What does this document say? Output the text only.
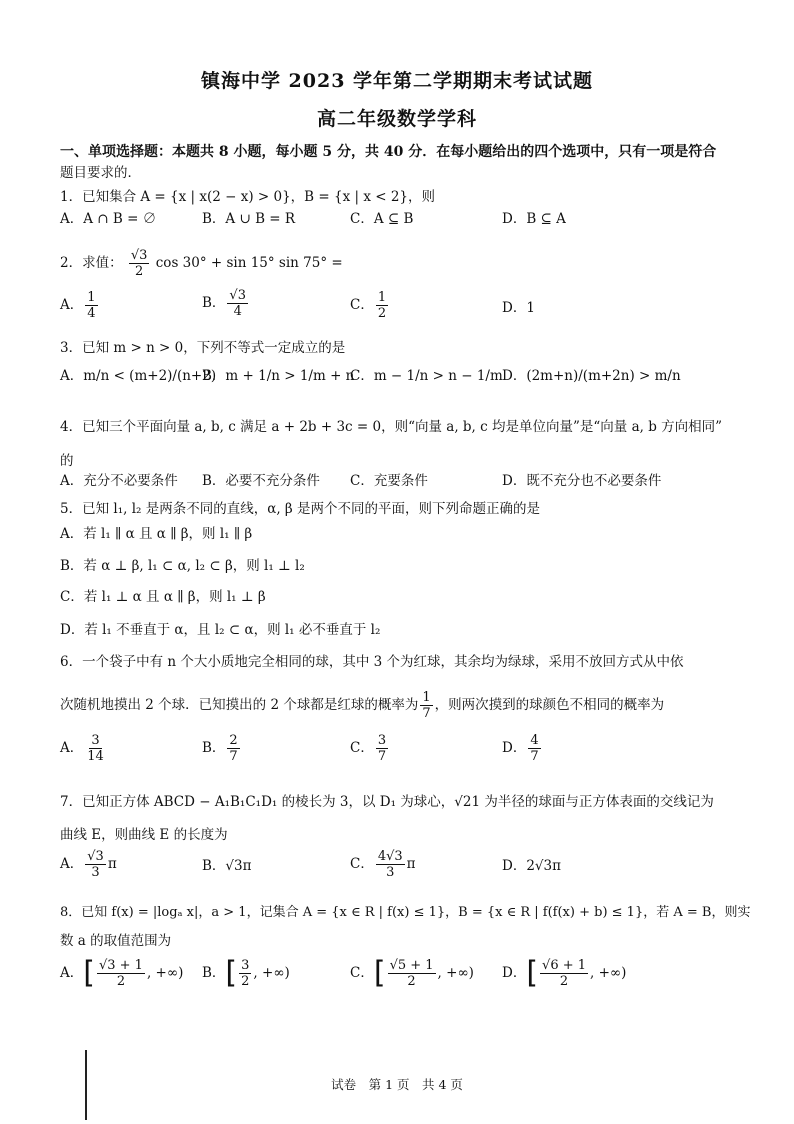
镇海中学 2023 学年第二学期期末考试试题
高二年级数学学科
一、单项选择题：本题共 8 小题，每小题 5 分，共 40 分．在每小题给出的四个选项中，只有一项是符合
题目要求的．
1．已知集合 A = {x | x(2 − x) > 0}，B = {x | x < 2}，则
A．A ∩ B = ∅	B．A ∪ B = R	C．A ⊆ B	D．B ⊆ A
2．求值： $\frac{√3}{2}$ cos 30° + sin 15° sin 75° =
A． $\frac{1}{4}$	B． $\frac{√3}{4}$	C． $\frac{1}{2}$	D．1
3．已知 m > n > 0，下列不等式一定成立的是
A．m/n < (m+2)/(n+2)
B．m + 1/n > 1/m + n
C．m − 1/n > n − 1/m D．(2m+n)/(m+2n) > m/n
4．已知三个平面向量 a, b, c 满足 a + 2b + 3c = 0，则“向量 a, b, c 均是单位向量”是“向量 a, b 方向相同”
的
A．充分不必要条件 B．必要不充分条件 C．充要条件	D．既不充分也不必要条件
5．已知 l₁, l₂ 是两条不同的直线，α, β 是两个不同的平面，则下列命题正确的是
A．若 l₁ ∥ α 且 α ∥ β，则 l₁ ∥ β
B．若 α ⊥ β, l₁ ⊂ α, l₂ ⊂ β，则 l₁ ⊥ l₂
C．若 l₁ ⊥ α 且 α ∥ β，则 l₁ ⊥ β
D．若 l₁ 不垂直于 α，且 l₂ ⊂ α，则 l₁ 必不垂直于 l₂
6．一个袋子中有 n 个大小质地完全相同的球，其中 3 个为红球，其余均为绿球，采用不放回方式从中依
次随机地摸出 2 个球．已知摸出的 2 个球都是红球的概率为 $\frac{1}{7}$ ，则两次摸到的球颜色不相同的概率为
A． $\frac{3}{14}$	B． $\frac{2}{7}$	C． $\frac{3}{7}$	D． $\frac{4}{7}$
7．已知正方体 ABCD − A₁B₁C₁D₁ 的棱长为 3，以 D₁ 为球心，√21 为半径的球面与正方体表面的交线记为
曲线 E，则曲线 E 的长度为
A． $\frac{√3}{3}$ π	B．√3π	C． $\frac{4√3}{3}$ π	D．2√3π
8．已知 f(x) = |logₐ x|，a > 1，记集合 A = {x ∈ R | f(x) ≤ 1}，B = {x ∈ R | f(f(x) + b) ≤ 1}，若 A = B，则实
数 a 的取值范围为
A．[ $\frac{√3 + 1}{2}$ , +∞) B．[ $\frac{3}{2}$ , +∞)	C．[ $\frac{√5 + 1}{2}$ , +∞) D．[ $\frac{√6 + 1}{2}$ , +∞)
试卷　第 1 页　共 4 页
